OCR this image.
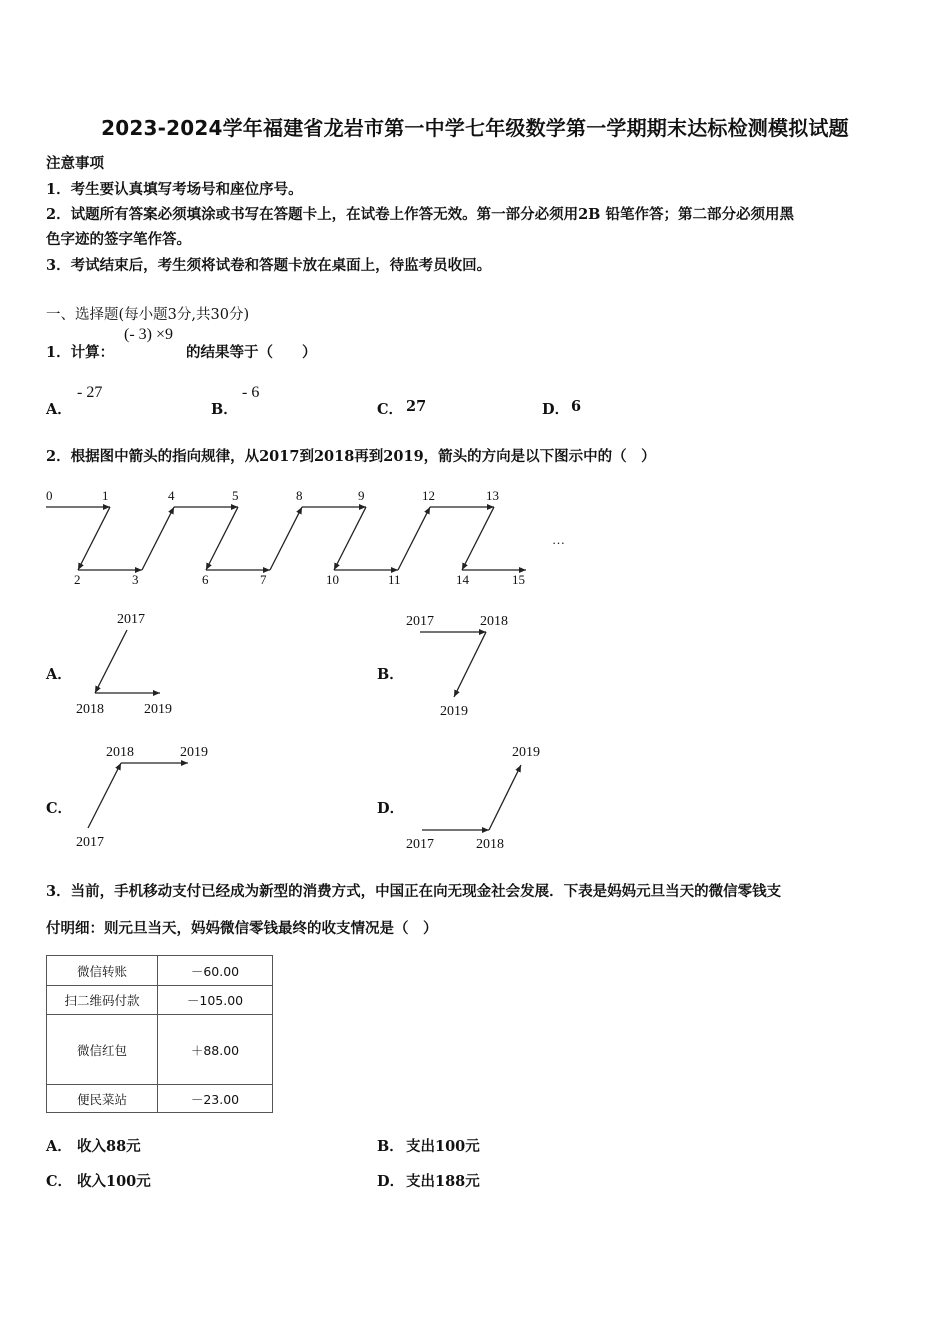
2023-2024学年福建省龙岩市第一中学七年级数学第一学期期末达标检测模拟试题
注意事项
1．考生要认真填写考场号和座位序号。
2．试题所有答案必须填涂或书写在答题卡上，在试卷上作答无效。第一部分必须用2B 铅笔作答；第二部分必须用黑
色字迹的签字笔作答。
3．考试结束后，考生须将试卷和答题卡放在桌面上，待监考员收回。
一、选择题(每小题3分,共30分)
1．计算：
(- 3) ×9
的结果等于（　　）
A．
- 27
B．
- 6
C． 27	D． 6
2．根据图中箭头的指向规律，从2017到2018再到2019，箭头的方向是以下图示中的（　）
0	1	4	5	8	9	12	13
2	3	6	7	10	11	14	15
…
A．
2017
2018	2019
B．
2017	2018
2019
C．
2018	2019
2017
D．
2019
2017	2018
3．当前，手机移动支付已经成为新型的消费方式，中国正在向无现金社会发展．下表是妈妈元旦当天的微信零钱支
付明细：则元旦当天，妈妈微信零钱最终的收支情况是（　）
微信转账	－60.00
扫二维码付款	－105.00
微信红包	＋88.00
便民菜站	－23.00
A． 收入88元	B． 支出100元
C． 收入100元	D． 支出188元
